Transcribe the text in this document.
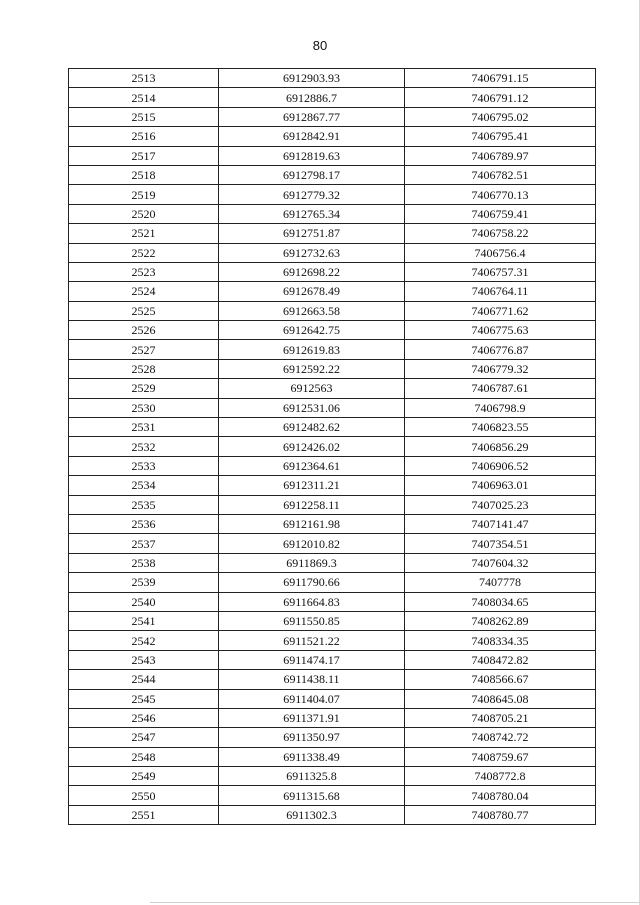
80
2513	6912903.93	7406791.15
2514	6912886.7	7406791.12
2515	6912867.77	7406795.02
2516	6912842.91	7406795.41
2517	6912819.63	7406789.97
2518	6912798.17	7406782.51
2519	6912779.32	7406770.13
2520	6912765.34	7406759.41
2521	6912751.87	7406758.22
2522	6912732.63	7406756.4
2523	6912698.22	7406757.31
2524	6912678.49	7406764.11
2525	6912663.58	7406771.62
2526	6912642.75	7406775.63
2527	6912619.83	7406776.87
2528	6912592.22	7406779.32
2529	6912563	7406787.61
2530	6912531.06	7406798.9
2531	6912482.62	7406823.55
2532	6912426.02	7406856.29
2533	6912364.61	7406906.52
2534	6912311.21	7406963.01
2535	6912258.11	7407025.23
2536	6912161.98	7407141.47
2537	6912010.82	7407354.51
2538	6911869.3	7407604.32
2539	6911790.66	7407778
2540	6911664.83	7408034.65
2541	6911550.85	7408262.89
2542	6911521.22	7408334.35
2543	6911474.17	7408472.82
2544	6911438.11	7408566.67
2545	6911404.07	7408645.08
2546	6911371.91	7408705.21
2547	6911350.97	7408742.72
2548	6911338.49	7408759.67
2549	6911325.8	7408772.8
2550	6911315.68	7408780.04
2551	6911302.3	7408780.77
